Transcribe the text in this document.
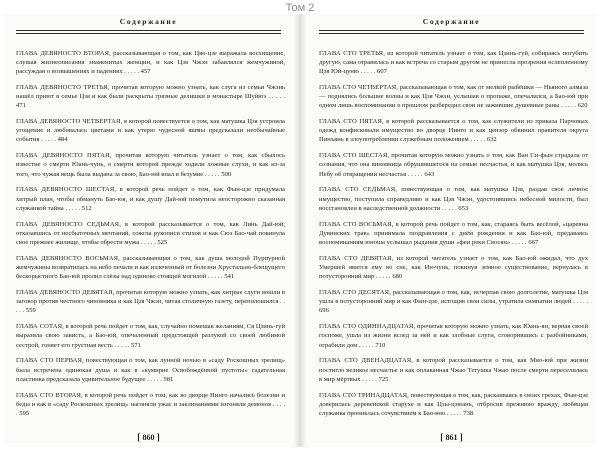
Том 2
Содержание

ГЛАВА ДЕВЯНОСТО ВТОРАЯ, рассказывающая о том, как Цяо-цзе выражала восхищение, слушая жизнеописания знаменитых женщин, и как Цзя Чжэн забавлялся жемчужиной, рассуждая о возвышениях и падениях . . . . . 457

ГЛАВА ДЕВЯНОСТО ТРЕТЬЯ, прочитав которую можно узнать, как слуга из семьи Чжэнь нашёл приют в семье Цзя и как были раскрыты грязные делишки в монастыре Шуйюэ . . . . . 471

ГЛАВА ДЕВЯНОСТО ЧЕТВЕРТАЯ, в которой повествуется о том, как матушка Цзя устроила угощение и любовалась цветами и как утерю чудесной яшмы предсказали необычайные события . . . . . 484

ГЛАВА ДЕВЯНОСТО ПЯТАЯ, прочитав которую читатель узнает о том, как сбылось известие о смерти Юань-чунь, о смерти которой прежде ходили ложные слухи, и как из-за того, что чужая вещь была выдана за свою, Бао-юй впал в безумие . . . . . 500

ГЛАВА ДЕВЯНОСТО ШЕСТАЯ, в которой речь пойдет о том, как Фын-цзе придумала хитрый план, чтобы обмануть Бао-юя, и как душу Дай-юй помутила неосторожно сказанная служанкой тайна . . . . . 512

ГЛАВА ДЕВЯНОСТО СЕДЬМАЯ, в которой рассказывается о том, как Линь Дай-юй, отказавшись от несбыточных мечтаний, сожгла рукописи стихов и как Сюэ Бао-чай покинула свое прежнее жилище, чтобы обрести мужа . . . . . 525

ГЛАВА ДЕВЯНОСТО ВОСЬМАЯ, рассказывающая о том, как душа молодой Пурпурной жемчужины возвратилась на небо печали и как излеченный от болезни Хрустально-блещущего бескорыстного Бао-юй пролил слёзы над одиноко стоящей могилой . . . . . 541

ГЛАВА ДЕВЯНОСТО ДЕВЯТАЯ, прочитав которую можно узнать, как хитрые слуги вошли в заговор против честного чиновника и как Цзя Чжэн, читая столичную газету, переполошился . . . . . 559

ГЛАВА СОТАЯ, в которой речь пойдет о том, как, случайно помешав желаниям, Ся Цзинь-гуй выразила свою зависть, а Бао-юй, опечаленный предстоящей разлукой со своей любимой сестрой, гоняет его грустная весть . . . . . 571

ГЛАВА СТО ПЕРВАЯ, повествующая о том, как лунной ночью в «саду Роскошных зрелищ» была встречена одинокая душа и как в «кумирне Освобождённой пустоты» гадательная пластинка предсказала удивительное будущее . . . . . 581

ГЛАВА СТО ВТОРАЯ, в которой речь пойдет о том, как во дворце Нинго начались болезни и беды и как в «саду Роскошных зрелищ» нагоняли ужас и заклинаниями изгоняли демонов . . . . . 595

[ 860 ]
Содержание

ГЛАВА СТО ТРЕТЬЯ, из которой читатель узнает о том, как Цзинь-гуй, собираясь погубить другую, сама отравилась и как встреча со старым другом не принесла прозрения ослепленному Цзя Юй-цуню . . . . . 607

ГЛАВА СТО ЧЕТВЕРТАЯ, рассказывающая о том, как от мелкой рыбёшки — Ньяного алмаза — поднялись большие волны и как Цзя Чжэн, услышав о пропаже, опечалился, а Бао-юй при одном лишь воспоминании о прошлом разбередил свои не зажившие душевные раны . . . . . 620

ГЛАВА СТО ПЯТАЯ, в которой рассказывается о том, как служители из приказа Парчовых одежд конфисковали имущество во дворце Нинго и как цензор обвинил правителя округа Пинъянь в злоупотреблении служебным положением . . . . . 632

ГЛАВА СТО ШЕСТАЯ, прочитав которую можно узнать о том, как Ван Си-фын страдала от сознания, что она виновница обрушившегося на семью несчастья, и как матушка Цзя, молясь Небу об отвращении несчастья . . . . . 643

ГЛАВА СТО СЕДЬМАЯ, повествующая о том, как матушка Цзя, раздав свое личное имущество, поступила справедливо и как Цзя Чжэн, удостоившись небесной милости, был восстановлен в наследственной должности . . . . . 653

ГЛАВА СТО ВОСЬМАЯ, в которой речь пойдет о том, как, стараясь быть весёлой, «царевна Дувинских трав» принимала поздравления с днём рождения и как Бао-юй, предаваясь воспоминаниям юноша услышал рыдания души «феи реки Сяосян» . . . . . 667

ГЛАВА СТО ДЕВЯТАЯ, из которой читатель узнает о том, как Бао-юй ожидал, что дух Умершей явится ему во сне, как Ин-чунь, покинув земное существование, вернулась в потусторонний мир . . . . . 680

ГЛАВА СТО ДЕСЯТАЯ, рассказывающая о том, как, исчерпав свою долголетие, матушка Цзя ушла в потусторонний мир и как Фын-цзе, истощив свои силы, утратила симпатии людей . . . . . 696

ГЛАВА СТО ОДИННАДЦАТАЯ, прочитав которую можно узнать, как Юань-ян, верная своей госпоже, ушла из жизни вслед за ней и как злобные слуги, сговорившись с разбойниками, ограбили дом . . . . . 710

ГЛАВА СТО ДВЕНАДЦАТАЯ, в которой рассказывается о том, как Мяо-юй при жизни постигло великое несчастье и как оплаканная Чжао Тетушка Чжао после смерти переселилась в мир мёртвых . . . . . 725

ГЛАВА СТО ТРИНАДЦАТАЯ, повествующая о том, как, раскаиваясь в своих грехах, Фын-цзе доверилась деревенской старухе и как Цзы-цзюань, отбросив прежнюю вражду, любящая служанка прониклась сочувствием к Бао-юю . . . . . 738

[ 861 ]
